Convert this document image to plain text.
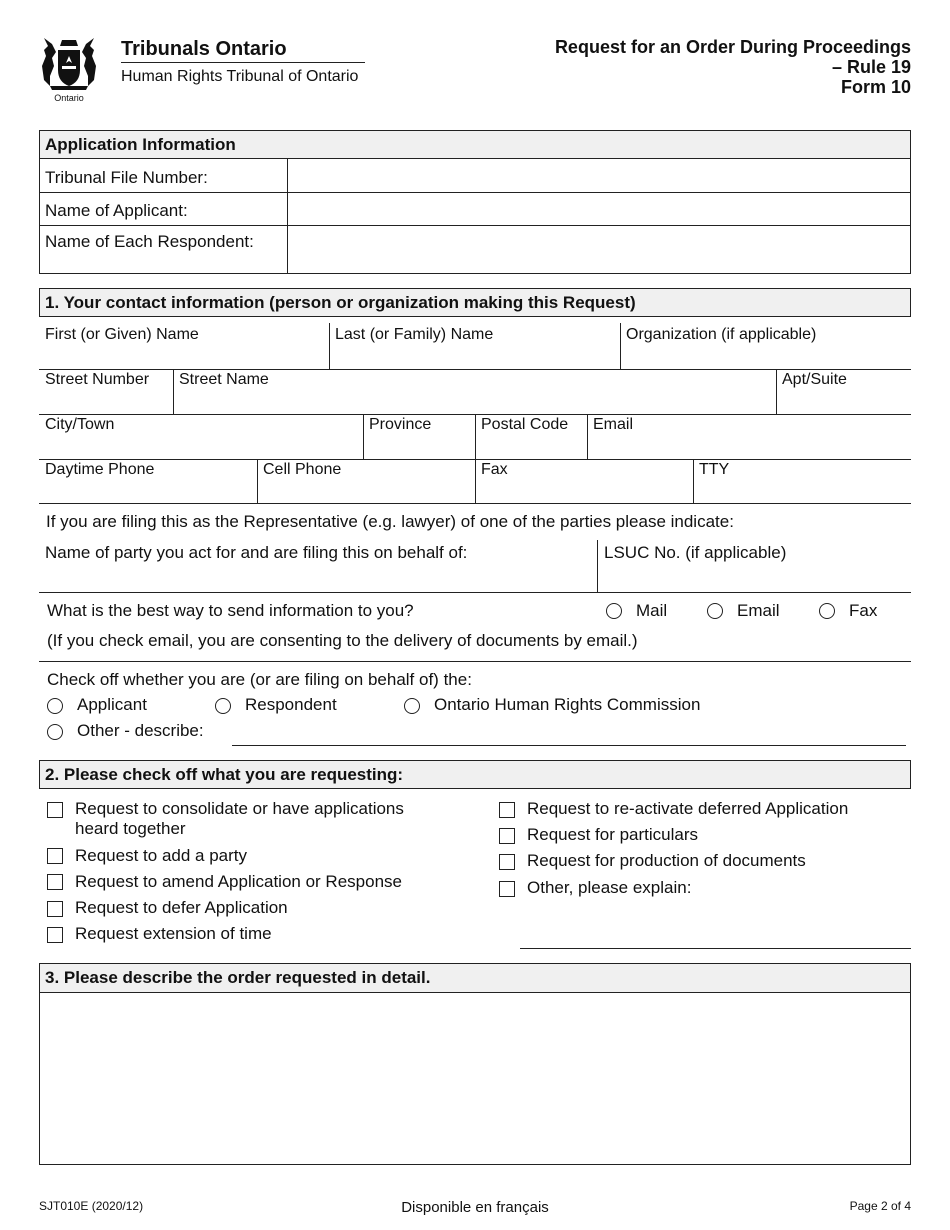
Ontario
Tribunals Ontario
Human Rights Tribunal of Ontario
Request for an Order During Proceedings
– Rule 19
Form 10
Application Information
Tribunal File Number:
Name of Applicant:
Name of Each Respondent:
1. Your contact information (person or organization making this Request)
First (or Given) Name	Last (or Family) Name	Organization (if applicable)
Street Number Street Name	Apt/Suite
City/Town	Province	Postal Code Email
Daytime Phone	Cell Phone	Fax	TTY
If you are filing this as the Representative (e.g. lawyer) of one of the parties please indicate:
Name of party you act for and are filing this on behalf of:	LSUC No. (if applicable)
What is the best way to send information to you?	Mail	Email	Fax
(If you check email, you are consenting to the delivery of documents by email.)
Check off whether you are (or are filing on behalf of) the:
Applicant	Respondent	Ontario Human Rights Commission
Other - describe:
2. Please check off what you are requesting:
Request to consolidate or have applications
heard together
Request to add a party
Request to amend Application or Response
Request to defer Application
Request extension of time
Request to re-activate deferred Application
Request for particulars
Request for production of documents
Other, please explain:
3. Please describe the order requested in detail.
SJT010E (2020/12)	Disponible en français	Page 2 of 4
